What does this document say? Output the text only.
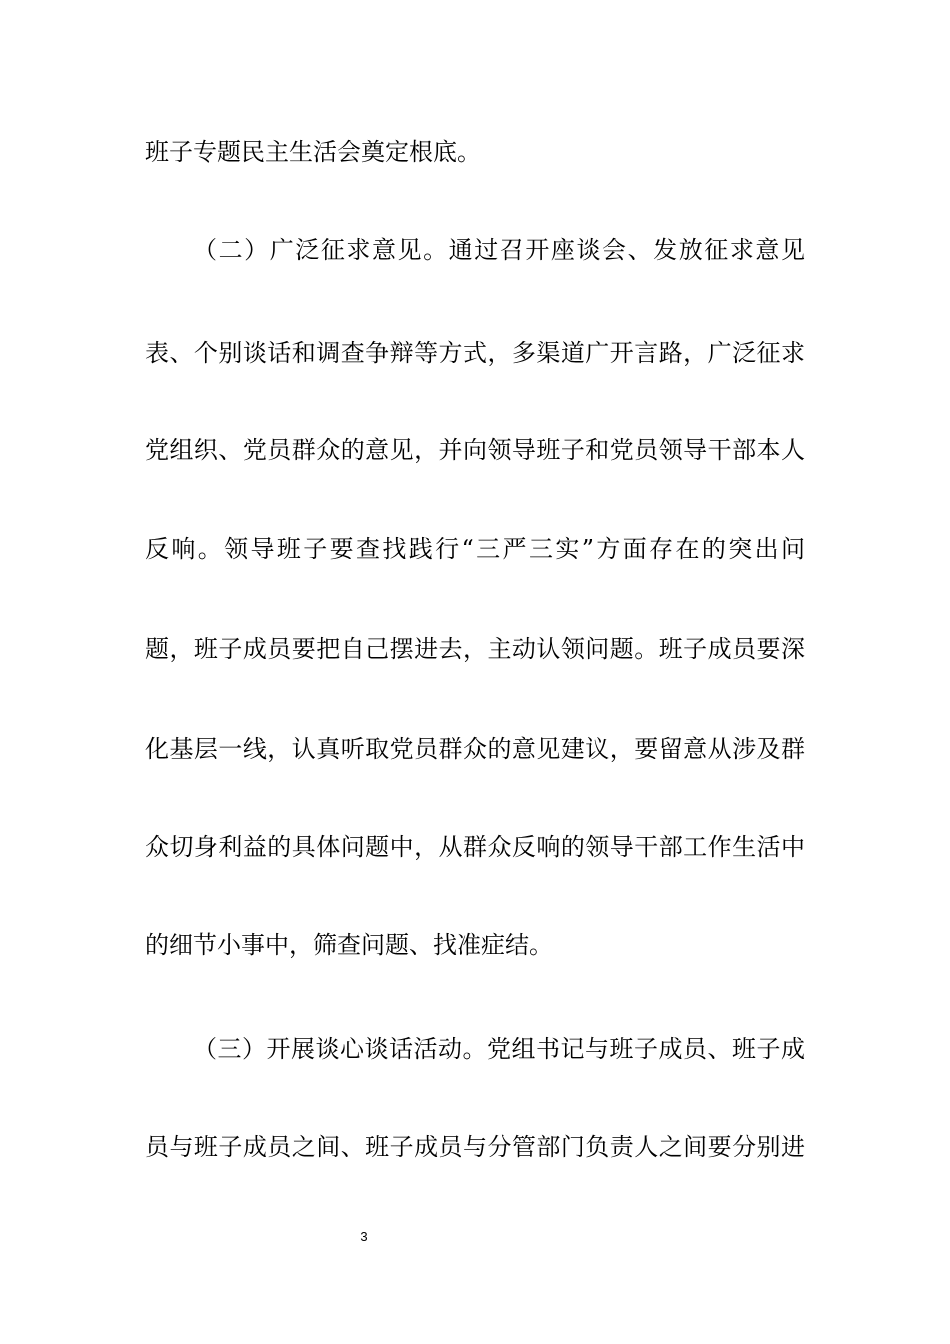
班子专题民主生活会奠定根底。
（二）广泛征求意见。通过召开座谈会、发放征求意见
表、个别谈话和调查争辩等方式，多渠道广开言路，广泛征求
党组织、党员群众的意见，并向领导班子和党员领导干部本人
反响。领导班子要查找践行“三严三实”方面存在的突出问
题，班子成员要把自己摆进去，主动认领问题。班子成员要深
化基层一线，认真听取党员群众的意见建议，要留意从涉及群
众切身利益的具体问题中，从群众反响的领导干部工作生活中
的细节小事中，筛查问题、找准症结。
（三）开展谈心谈话活动。党组书记与班子成员、班子成
员与班子成员之间、班子成员与分管部门负责人之间要分别进
3
